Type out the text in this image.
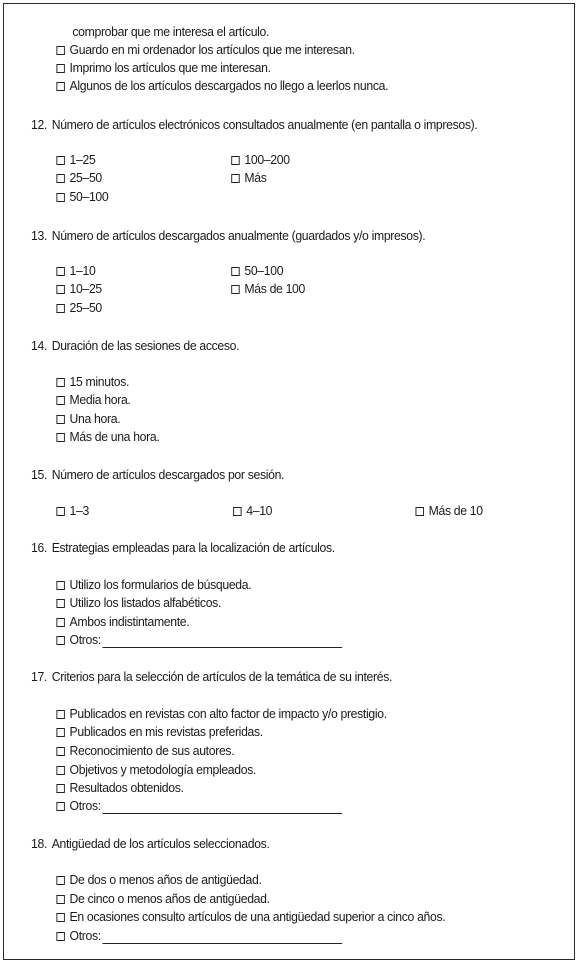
comprobar que me interesa el artículo.
Guardo en mi ordenador los artículos que me interesan.
Imprimo los artículos que me interesan.
Algunos de los artículos descargados no llego a leerlos nunca.
12. Número de artículos electrónicos consultados anualmente (en pantalla o impresos).
1–25
25–50
50–100
100–200
Más
13. Número de artículos descargados anualmente (guardados y/o impresos).
1–10
10–25
25–50
50–100
Más de 100
14. Duración de las sesiones de acceso.
15 minutos.
Media hora.
Una hora.
Más de una hora.
15. Número de artículos descargados por sesión.
1–3	4–10	Más de 10
16. Estrategias empleadas para la localización de artículos.
Utilizo los formularios de búsqueda.
Utilizo los listados alfabéticos.
Ambos indistintamente.
Otros:
17. Criterios para la selección de artículos de la temática de su interés.
Publicados en revistas con alto factor de impacto y/o prestigio.
Publicados en mis revistas preferidas.
Reconocimiento de sus autores.
Objetivos y metodología empleados.
Resultados obtenidos.
Otros:
18. Antigüedad de los artículos seleccionados.
De dos o menos años de antigüedad.
De cinco o menos años de antigüedad.
En ocasiones consulto artículos de una antigüedad superior a cinco años.
Otros:
